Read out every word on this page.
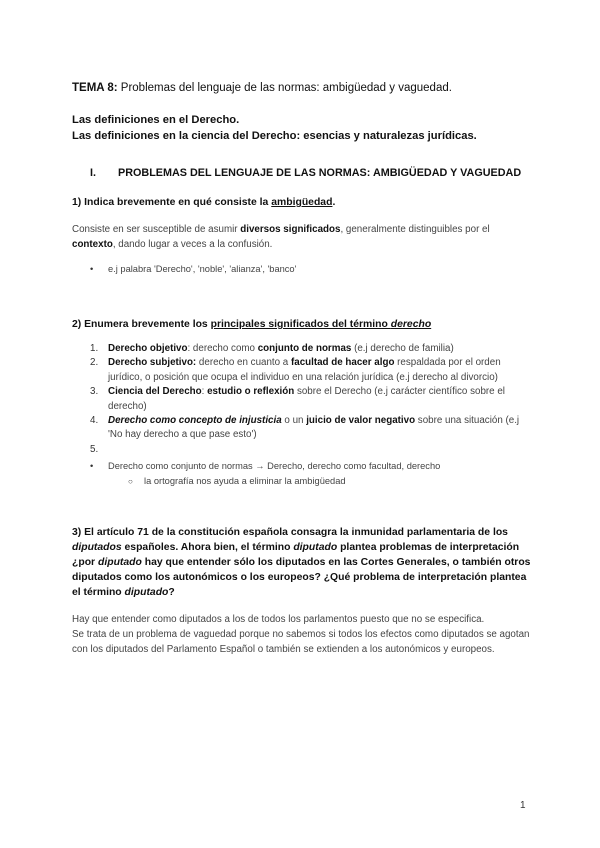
TEMA 8: Problemas del lenguaje de las normas: ambigüedad y vaguedad.

Las definiciones en el Derecho.

Las definiciones en la ciencia del Derecho: esencias y naturalezas jurídicas.

I.	PROBLEMAS DEL LENGUAJE DE LAS NORMAS: AMBIGÜEDAD Y VAGUEDAD

1) Indica brevemente en qué consiste la ambigüedad.

Consiste en ser susceptible de asumir diversos significados, generalmente distinguibles por el contexto, dando lugar a veces a la confusión.

• e.j palabra 'Derecho', 'noble', 'alianza', 'banco'

2) Enumera brevemente los principales significados del término derecho

1. Derecho objetivo: derecho como conjunto de normas (e.j derecho de familia)
2. Derecho subjetivo: derecho en cuanto a facultad de hacer algo respaldada por el orden jurídico, o posición que ocupa el individuo en una relación jurídica (e.j derecho al divorcio)
3. Ciencia del Derecho: estudio o reflexión sobre el Derecho (e.j carácter científico sobre el derecho)
4. Derecho como concepto de injusticia o un juicio de valor negativo sobre una situación (e.j 'No hay derecho a que pase esto')
5.
• Derecho como conjunto de normas → Derecho, derecho como facultad, derecho
○ la ortografía nos ayuda a eliminar la ambigüedad

3) El artículo 71 de la constitución española consagra la inmunidad parlamentaria de los diputados españoles. Ahora bien, el término diputado plantea problemas de interpretación ¿por diputado hay que entender sólo los diputados en las Cortes Generales, o también otros diputados como los autonómicos o los europeos? ¿Qué problema de interpretación plantea el término diputado?

Hay que entender como diputados a los de todos los parlamentos puesto que no se especifica.
Se trata de un problema de vaguedad porque no sabemos si todos los efectos como diputados se agotan con los diputados del Parlamento Español o también se extienden a los autonómicos y europeos.

1
